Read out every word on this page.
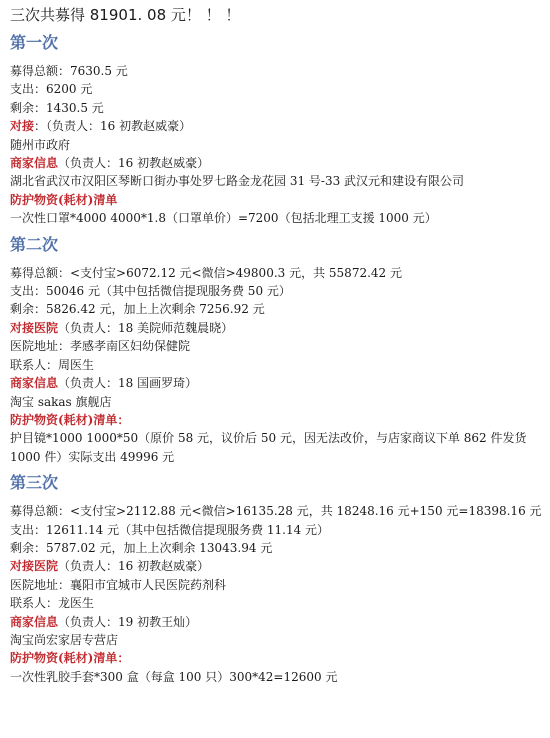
三次共募得 81901. 08 元！ ！ ！
第一次
募得总额：7630.5 元
支出：6200 元
剩余：1430.5 元
对接：（负责人：16 初教赵威豪）
随州市政府
商家信息（负责人：16 初教赵威豪）
湖北省武汉市汉阳区琴断口街办事处罗七路金龙花园 31 号-33 武汉元和建设有限公司
防护物资(耗材)清单
一次性口罩*4000 4000*1.8（口罩单价）=7200（包括北理工支援 1000 元）
第二次
募得总额：<支付宝>6072.12 元<微信>49800.3 元，共 55872.42 元
支出：50046 元（其中包括微信提现服务费 50 元）
剩余：5826.42 元，加上上次剩余 7256.92 元
对接医院（负责人：18 美院师范魏晨晓）
医院地址：孝感孝南区妇幼保健院
联系人：周医生
商家信息（负责人：18 国画罗琦）
淘宝 sakas 旗舰店
防护物资(耗材)清单：
护目镜*1000 1000*50（原价 58 元，议价后 50 元，因无法改价，与店家商议下单 862 件发货 1000 件）实际支出 49996 元
第三次
募得总额：<支付宝>2112.88 元<微信>16135.28 元，共 18248.16 元+150 元=18398.16 元
支出：12611.14 元（其中包括微信提现服务费 11.14 元）
剩余：5787.02 元，加上上次剩余 13043.94 元
对接医院（负责人：16 初教赵威豪）
医院地址：襄阳市宜城市人民医院药剂科
联系人：龙医生
商家信息（负责人：19 初教王灿）
淘宝尚宏家居专营店
防护物资(耗材)清单：
一次性乳胶手套*300 盒（每盒 100 只）300*42=12600 元
